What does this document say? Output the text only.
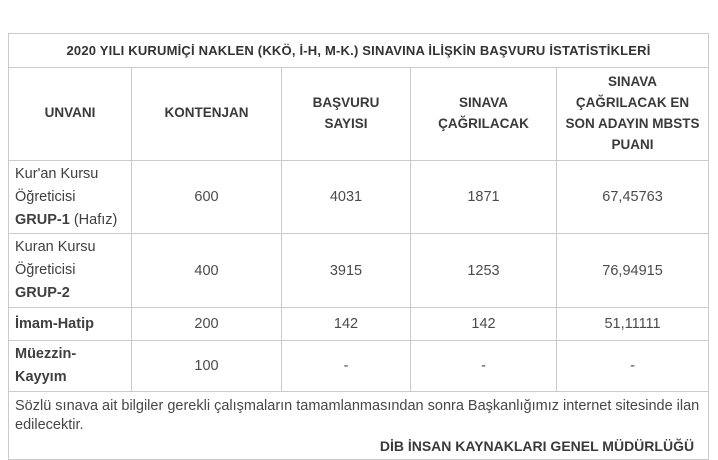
2020 YILI KURUMİÇİ NAKLEN (KKÖ, İ-H, M-K.) SINAVINA İLİŞKİN BAŞVURU İSTATİSTİKLERİ				
UNVANI	KONTENJAN	BAŞVURU SAYISI	SINAVA ÇAĞRILACAK	SINAVA ÇAĞRILACAK EN SON ADAYIN MBSTS PUANI
Kur'an Kursu Öğreticisi GRUP-1 (Hafız)	600	4031	1871	67,45763
Kuran Kursu Öğreticisi GRUP-2	400	3915	1253	76,94915
İmam-Hatip	200	142	142	51,11111
Müezzin-Kayyım	100	-	-	-

Sözlü sınava ait bilgiler gerekli çalışmaların tamamlanmasından sonra Başkanlığımız internet sitesinde ilan edilecektir.
DİB İNSAN KAYNAKLARI GENEL MÜDÜRLÜĞÜ				
